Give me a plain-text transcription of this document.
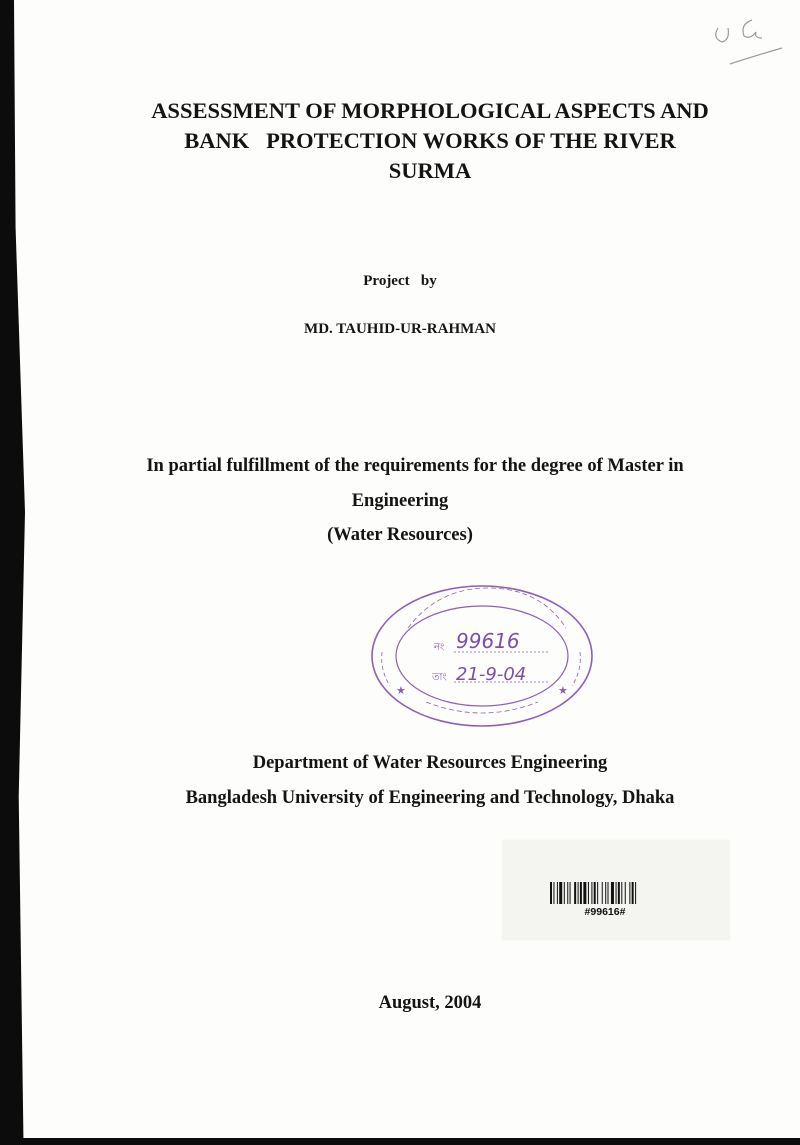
ASSESSMENT OF MORPHOLOGICAL ASPECTS AND
BANK   PROTECTION WORKS OF THE RIVER
SURMA
Project   by
MD. TAUHID-UR-RAHMAN
In partial fulfillment of the requirements for the degree of Master in
Engineering
(Water Resources)
★	★
নং
তাং
99616
21-9-04
Department of Water Resources Engineering
Bangladesh University of Engineering and Technology, Dhaka
#99616#
August, 2004
